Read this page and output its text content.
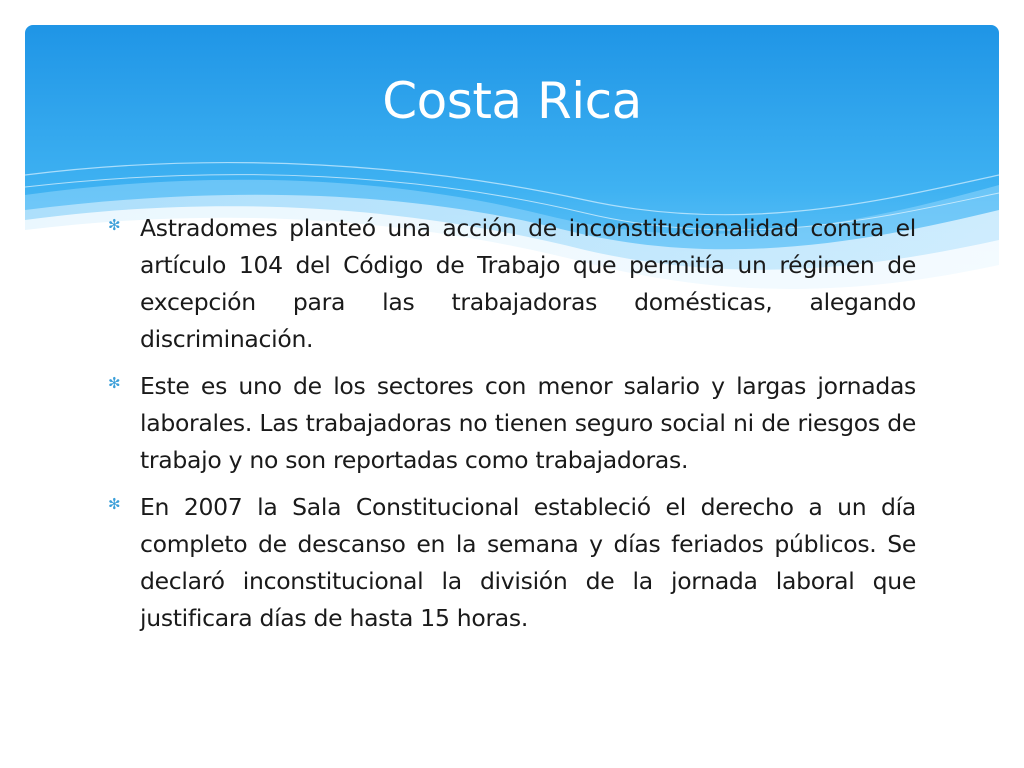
Costa Rica
✻ Astradomes planteó una acción de inconstitucionalidad contra el artículo 104 del Código de Trabajo que permitía un régimen de excepción para las trabajadoras domésticas, alegando discriminación.
✻ Este es uno de los sectores con menor salario y largas jornadas laborales. Las trabajadoras no tienen seguro social ni de riesgos de trabajo y no son reportadas como trabajadoras.
✻ En 2007 la Sala Constitucional estableció el derecho a un día completo de descanso en la semana y días feriados públicos. Se declaró inconstitucional la división de la jornada laboral que justificara días de hasta 15 horas.
